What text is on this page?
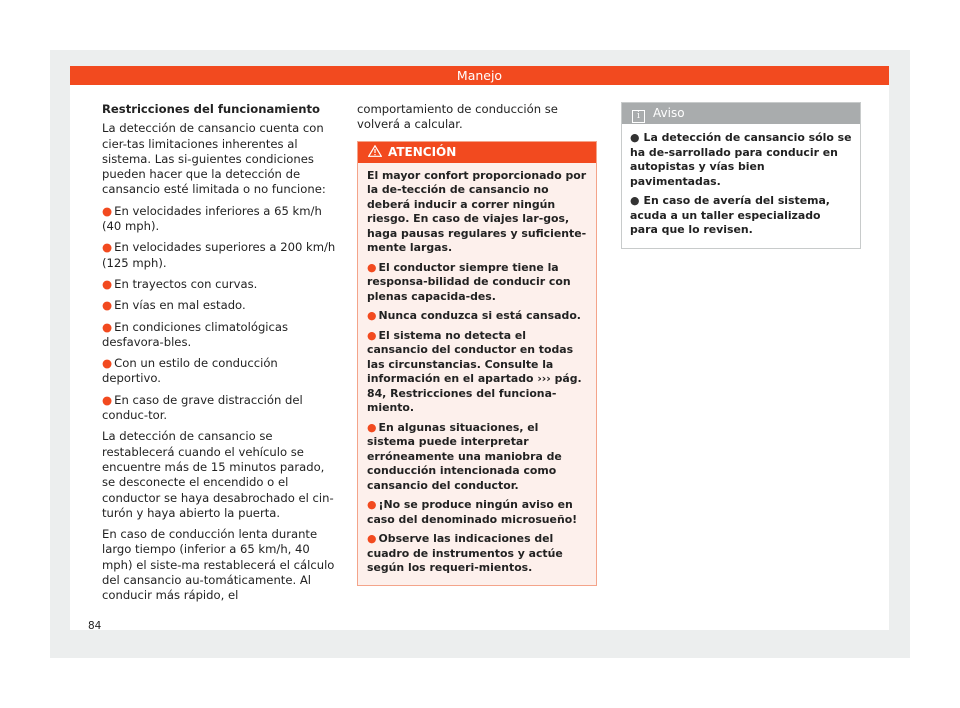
Manejo

Restricciones del funcionamiento

La detección de cansancio cuenta con cier-tas limitaciones inherentes al sistema. Las si-guientes condiciones pueden hacer que la detección de cansancio esté limitada o no funcione:

● En velocidades inferiores a 65 km/h (40 mph).

● En velocidades superiores a 200 km/h (125 mph).

● En trayectos con curvas.

● En vías en mal estado.

● En condiciones climatológicas desfavora-bles.

● Con un estilo de conducción deportivo.

● En caso de grave distracción del conduc-tor.

La detección de cansancio se restablecerá cuando el vehículo se encuentre más de 15 minutos parado, se desconecte el encendido o el conductor se haya desabrochado el cin-turón y haya abierto la puerta.

En caso de conducción lenta durante largo tiempo (inferior a 65 km/h, 40 mph) el siste-ma restablecerá el cálculo del cansancio au-tomáticamente. Al conducir más rápido, el

comportamiento de conducción se volverá a calcular.

ATENCIÓN

El mayor confort proporcionado por la de-tección de cansancio no deberá inducir a correr ningún riesgo. En caso de viajes lar-gos, haga pausas regulares y suficiente-mente largas.

● El conductor siempre tiene la responsa-bilidad de conducir con plenas capacida-des.

● Nunca conduzca si está cansado.

● El sistema no detecta el cansancio del conductor en todas las circunstancias. Consulte la información en el apartado ››› pág. 84, Restricciones del funciona-miento.

● En algunas situaciones, el sistema puede interpretar erróneamente una maniobra de conducción intencionada como cansancio del conductor.

● ¡No se produce ningún aviso en caso del denominado microsueño!

● Observe las indicaciones del cuadro de instrumentos y actúe según los requeri-mientos.

i Aviso

● La detección de cansancio sólo se ha de-sarrollado para conducir en autopistas y vías bien pavimentadas.

● En caso de avería del sistema, acuda a un taller especializado para que lo revisen.

84
